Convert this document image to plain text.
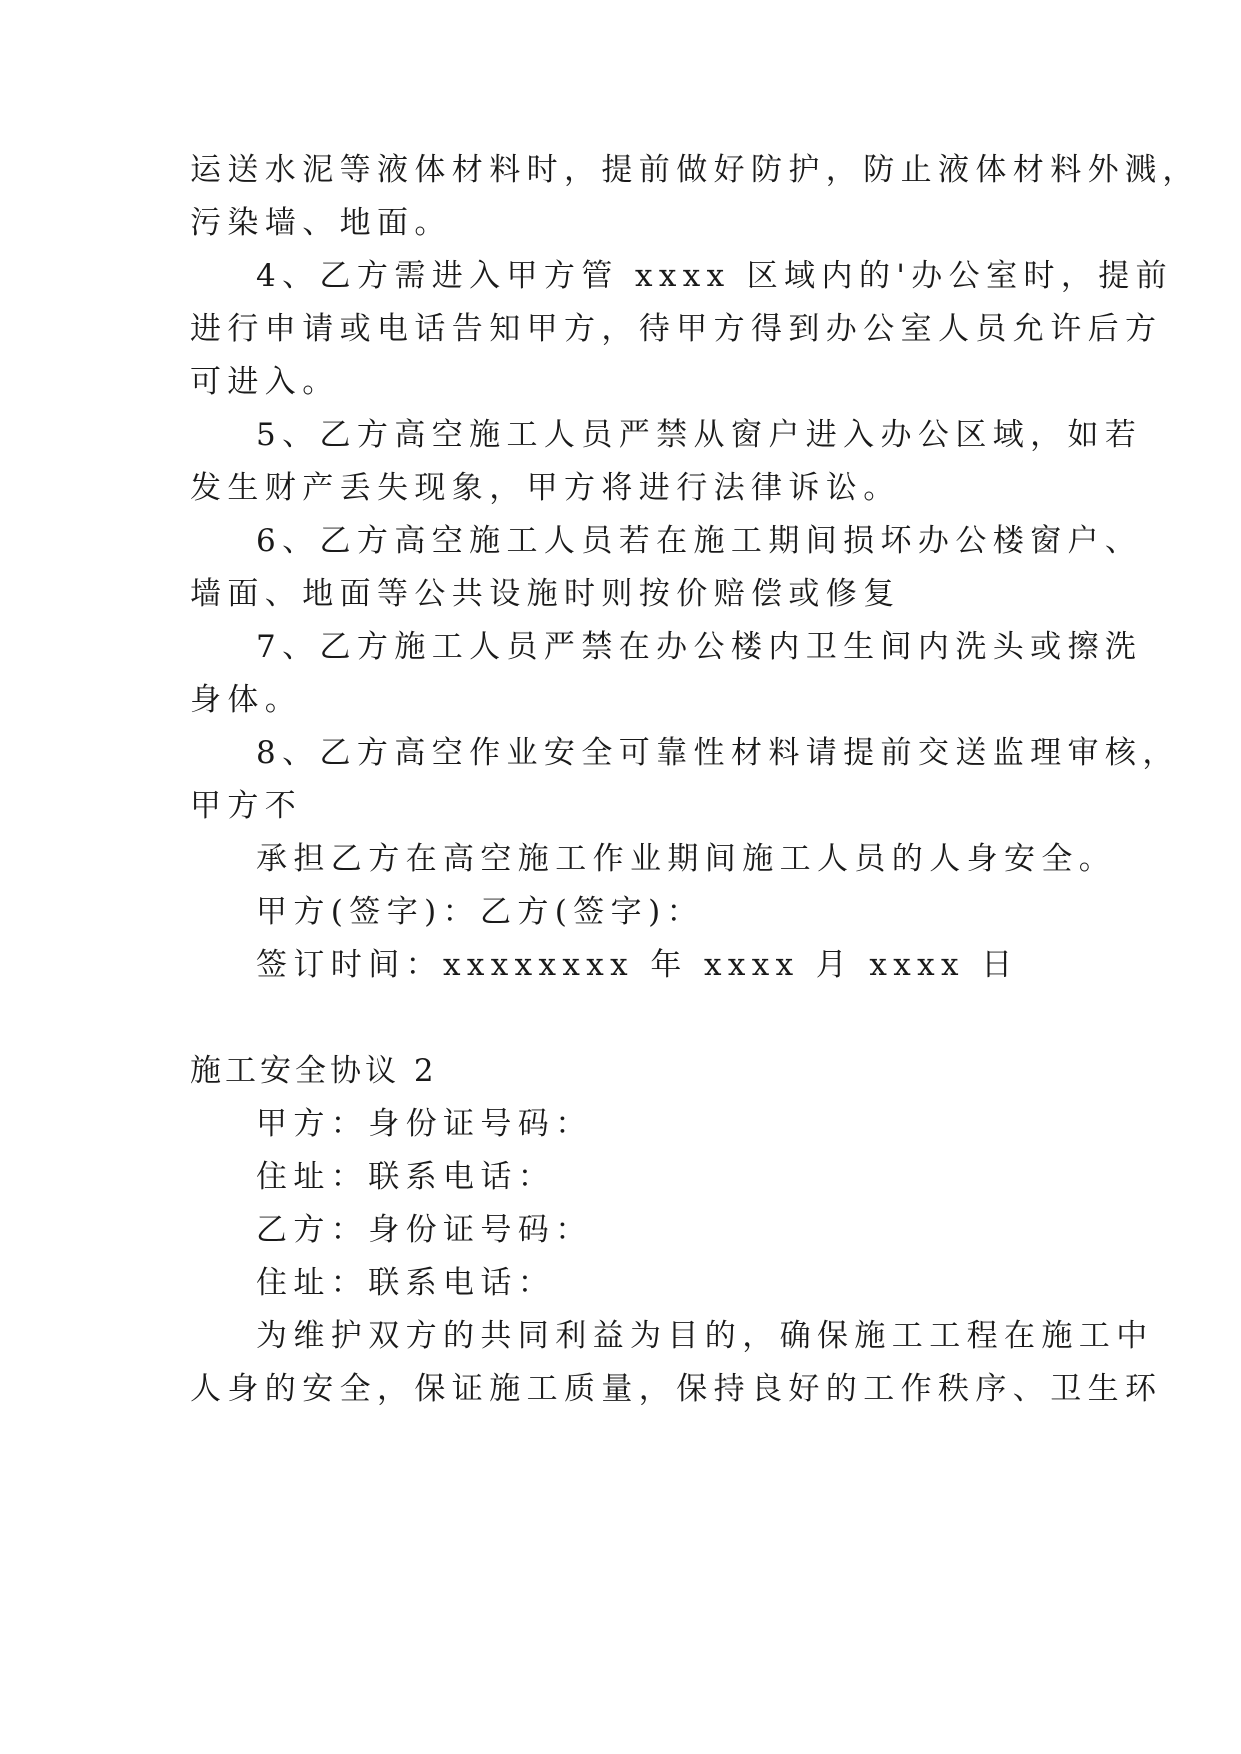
运送水泥等液体材料时，提前做好防护，防止液体材料外溅，
污染墙、地面。
4、乙方需进入甲方管 xxxx 区域内的'办公室时，提前
进行申请或电话告知甲方，待甲方得到办公室人员允许后方
可进入。
5、乙方高空施工人员严禁从窗户进入办公区域，如若
发生财产丢失现象，甲方将进行法律诉讼。
6、乙方高空施工人员若在施工期间损坏办公楼窗户、
墙面、地面等公共设施时则按价赔偿或修复
7、乙方施工人员严禁在办公楼内卫生间内洗头或擦洗
身体。
8、乙方高空作业安全可靠性材料请提前交送监理审核，
甲方不
承担乙方在高空施工作业期间施工人员的人身安全。
甲方(签字)：乙方(签字)：
签订时间：xxxxxxxx 年 xxxx 月 xxxx 日
施工安全协议 2
甲方：身份证号码：
住址：联系电话：
乙方：身份证号码：
住址：联系电话：
为维护双方的共同利益为目的，确保施工工程在施工中
人身的安全，保证施工质量，保持良好的工作秩序、卫生环
